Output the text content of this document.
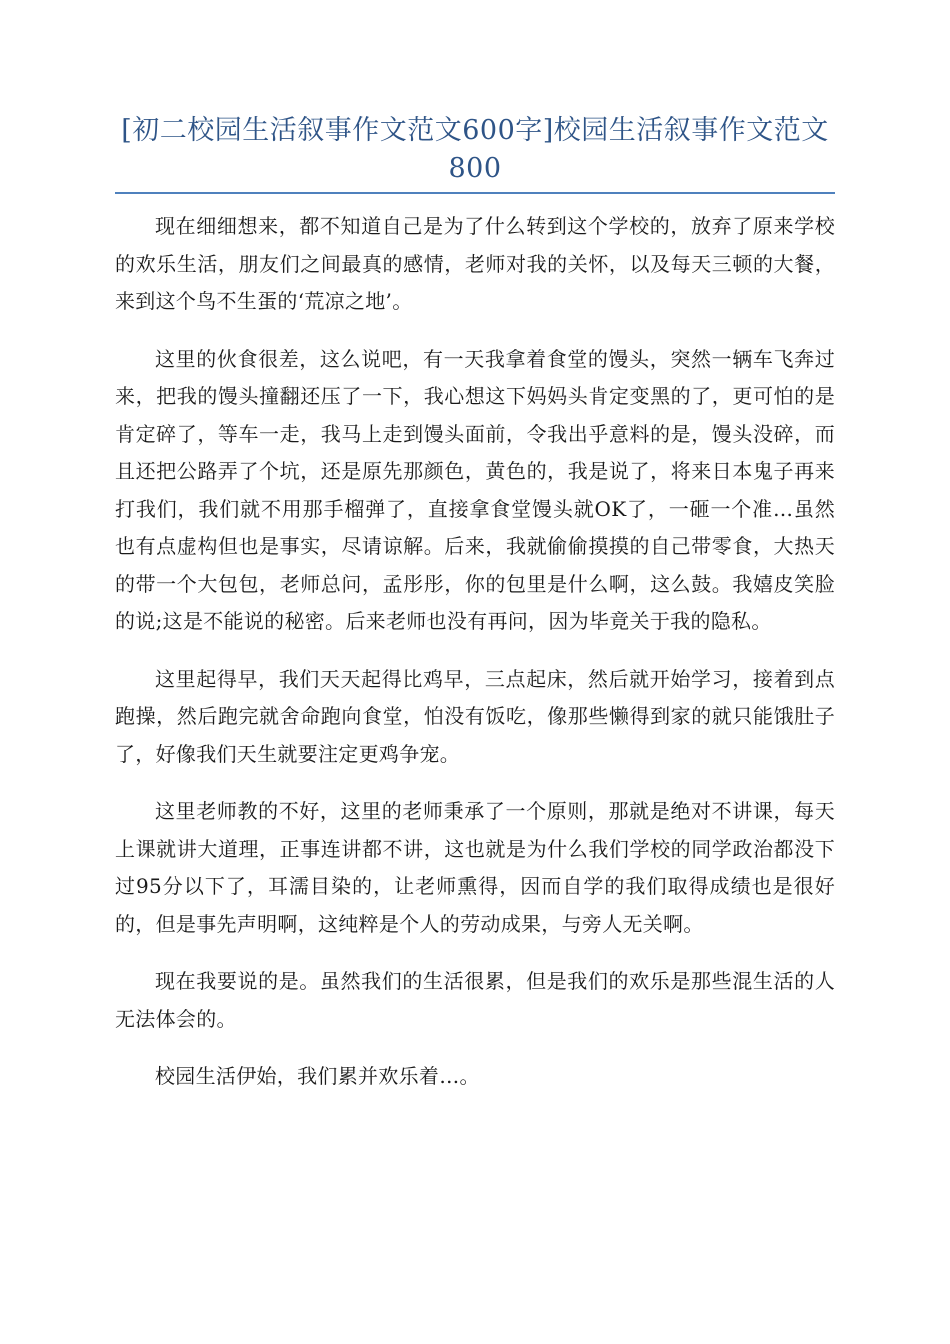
[初二校园生活叙事作文范文600字]校园生活叙事作文范文800

现在细细想来，都不知道自己是为了什么转到这个学校的，放弃了原来学校的欢乐生活，朋友们之间最真的感情，老师对我的关怀，以及每天三顿的大餐，来到这个鸟不生蛋的‘荒凉之地’。

这里的伙食很差，这么说吧，有一天我拿着食堂的馒头，突然一辆车飞奔过来，把我的馒头撞翻还压了一下，我心想这下妈妈头肯定变黑的了，更可怕的是肯定碎了，等车一走，我马上走到馒头面前，令我出乎意料的是，馒头没碎，而且还把公路弄了个坑，还是原先那颜色，黄色的，我是说了，将来日本鬼子再来打我们，我们就不用那手榴弹了，直接拿食堂馒头就OK了，一砸一个准…虽然也有点虚构但也是事实，尽请谅解。后来，我就偷偷摸摸的自己带零食，大热天的带一个大包包，老师总问，孟彤彤，你的包里是什么啊，这么鼓。我嬉皮笑脸的说;这是不能说的秘密。后来老师也没有再问，因为毕竟关于我的隐私。

这里起得早，我们天天起得比鸡早，三点起床，然后就开始学习，接着到点跑操，然后跑完就舍命跑向食堂，怕没有饭吃，像那些懒得到家的就只能饿肚子了，好像我们天生就要注定更鸡争宠。

这里老师教的不好，这里的老师秉承了一个原则，那就是绝对不讲课，每天上课就讲大道理，正事连讲都不讲，这也就是为什么我们学校的同学政治都没下过95分以下了，耳濡目染的，让老师熏得，因而自学的我们取得成绩也是很好的，但是事先声明啊，这纯粹是个人的劳动成果，与旁人无关啊。

现在我要说的是。虽然我们的生活很累，但是我们的欢乐是那些混生活的人无法体会的。

校园生活伊始，我们累并欢乐着…。
